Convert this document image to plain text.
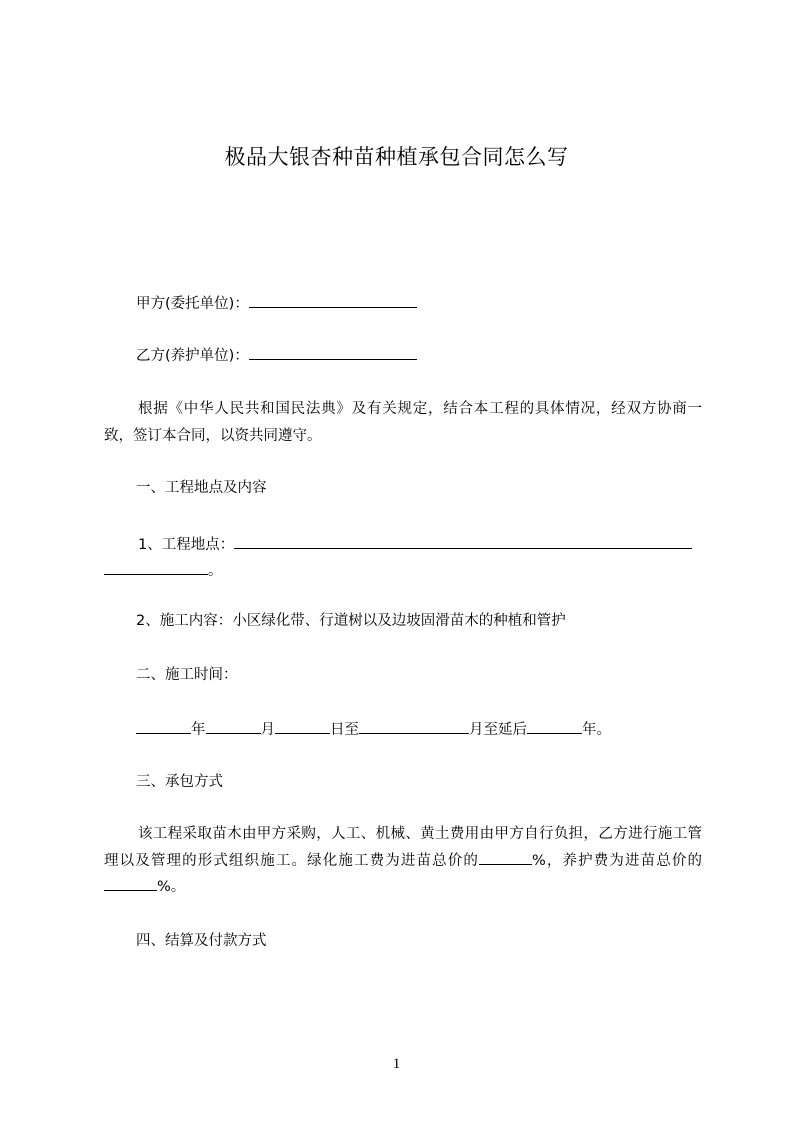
极品大银杏种苗种植承包合同怎么写
甲方(委托单位)：
乙方(养护单位)：
根据《中华人民共和国民法典》及有关规定，结合本工程的具体情况，经双方协商一致，签订本合同，以资共同遵守。
一、工程地点及内容
1、工程地点：
。
2、施工内容：小区绿化带、行道树以及边坡固滑苗木的种植和管护
二、施工时间：
年	月	日至	月至延后	年。
三、承包方式
该工程采取苗木由甲方采购，人工、机械、黄土费用由甲方自行负担，乙方进行施工管理以及管理的形式组织施工。绿化施工费为进苗总价的	%，养护费为进苗总价的%。
四、结算及付款方式
1
